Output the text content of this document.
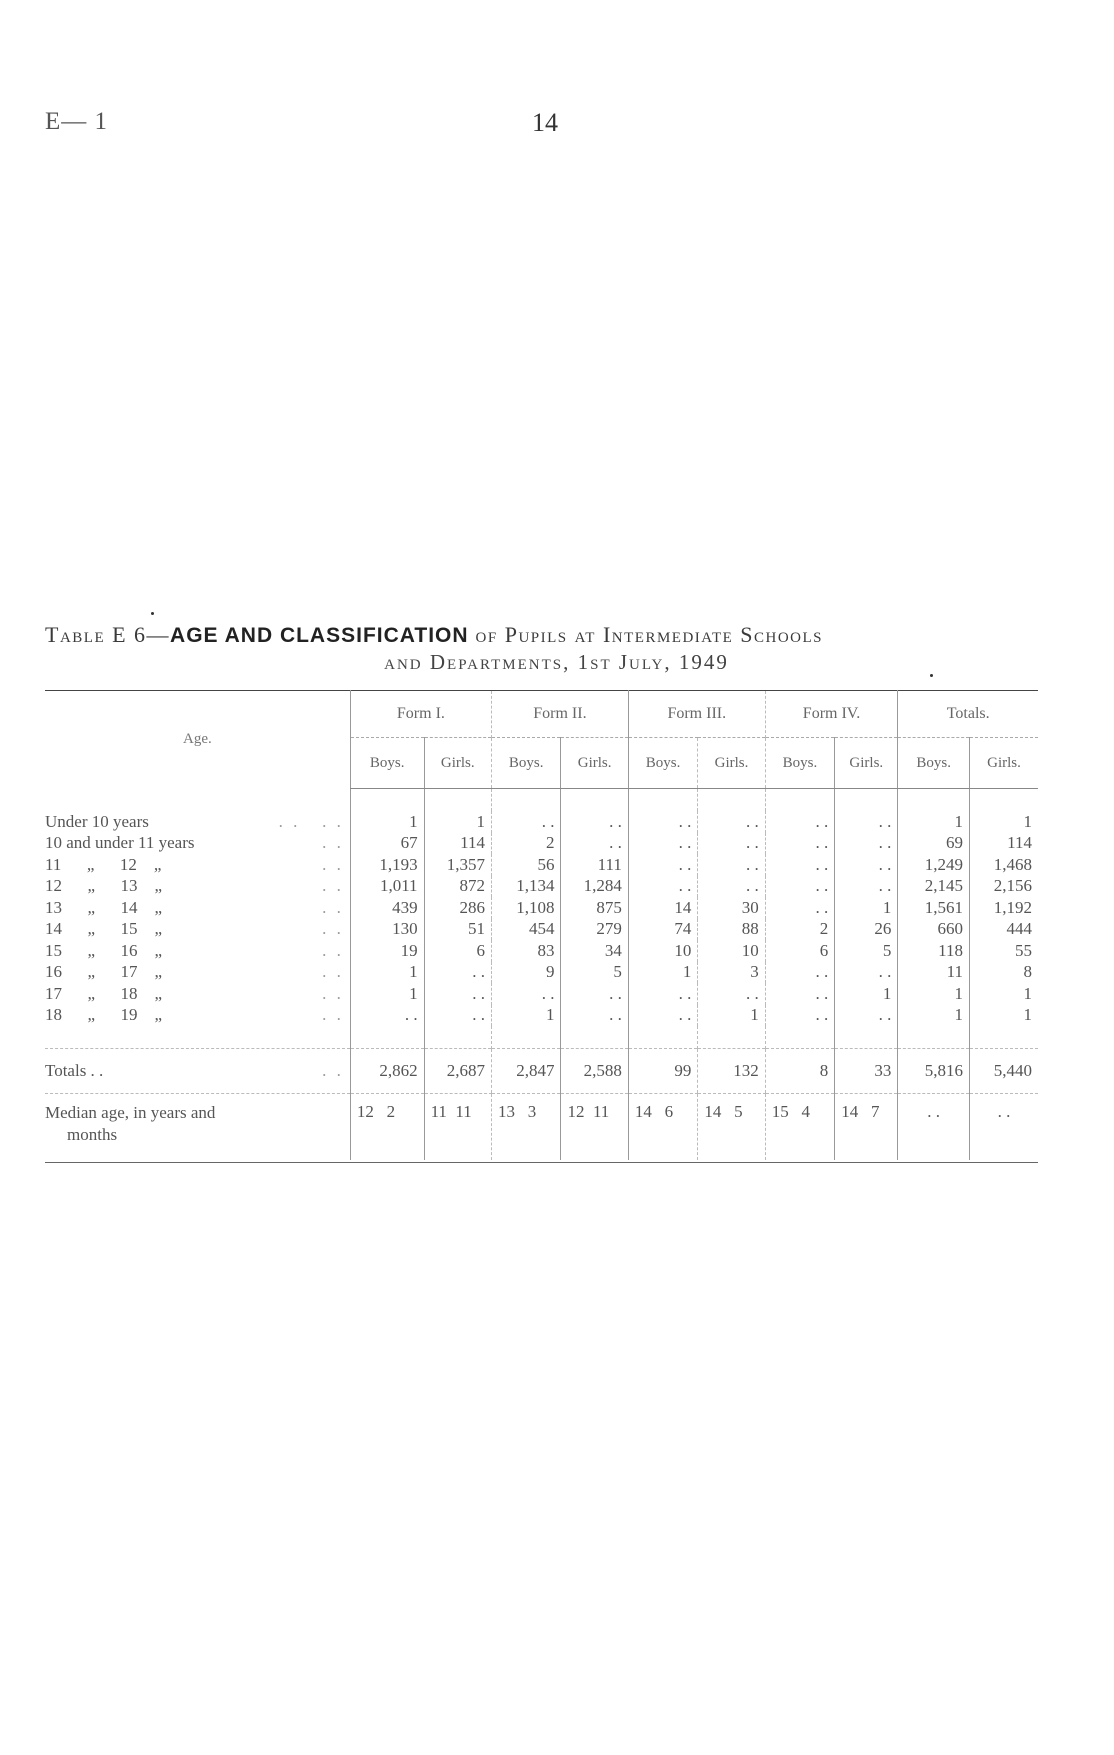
E— 1	14
Table E 6—AGE AND CLASSIFICATION of Pupils at Intermediate Schools
and Departments, 1st July, 1949
Age.	Form I.		Form II.		Form III.		Form IV.		Totals.	
	Boys.	Girls.	Boys.	Girls.	Boys.	Girls.	Boys.	Girls.	Boys.	Girls.

Under 10 years . .   . .	1	1	. .	. .	. .	. .	. .	. .	1	1
10 and under 11 years . .	67	114	2	. .	. .	. .	. .	. .	69	114
11      „      12    „ . .	1,193	1,357	56	111	. .	. .	. .	. .	1,249	1,468
12      „      13    „ . .	1,011	872	1,134	1,284	. .	. .	. .	. .	2,145	2,156
13      „      14    „ . .	439	286	1,108	875	14	30	. .	1	1,561	1,192
14      „      15    „ . .	130	51	454	279	74	88	2	26	660	444
15      „      16    „ . .	19	6	83	34	10	10	6	5	118	55
16      „      17    „ . .	1	. .	9	5	1	3	. .	. .	11	8
17      „      18    „ . .	1	. .	. .	. .	. .	. .	. .	1	1	1
18      „      19    „ . .	. .	. .	1	. .	. .	1	. .	. .	1	1

Totals . . . .	2,862	2,687	2,847	2,588	99	132	8	33	5,816	5,440

Median age, in years and
months	12   2	11  11	13   3	12  11	14   6	14   5	15   4	14   7	. .	. .
